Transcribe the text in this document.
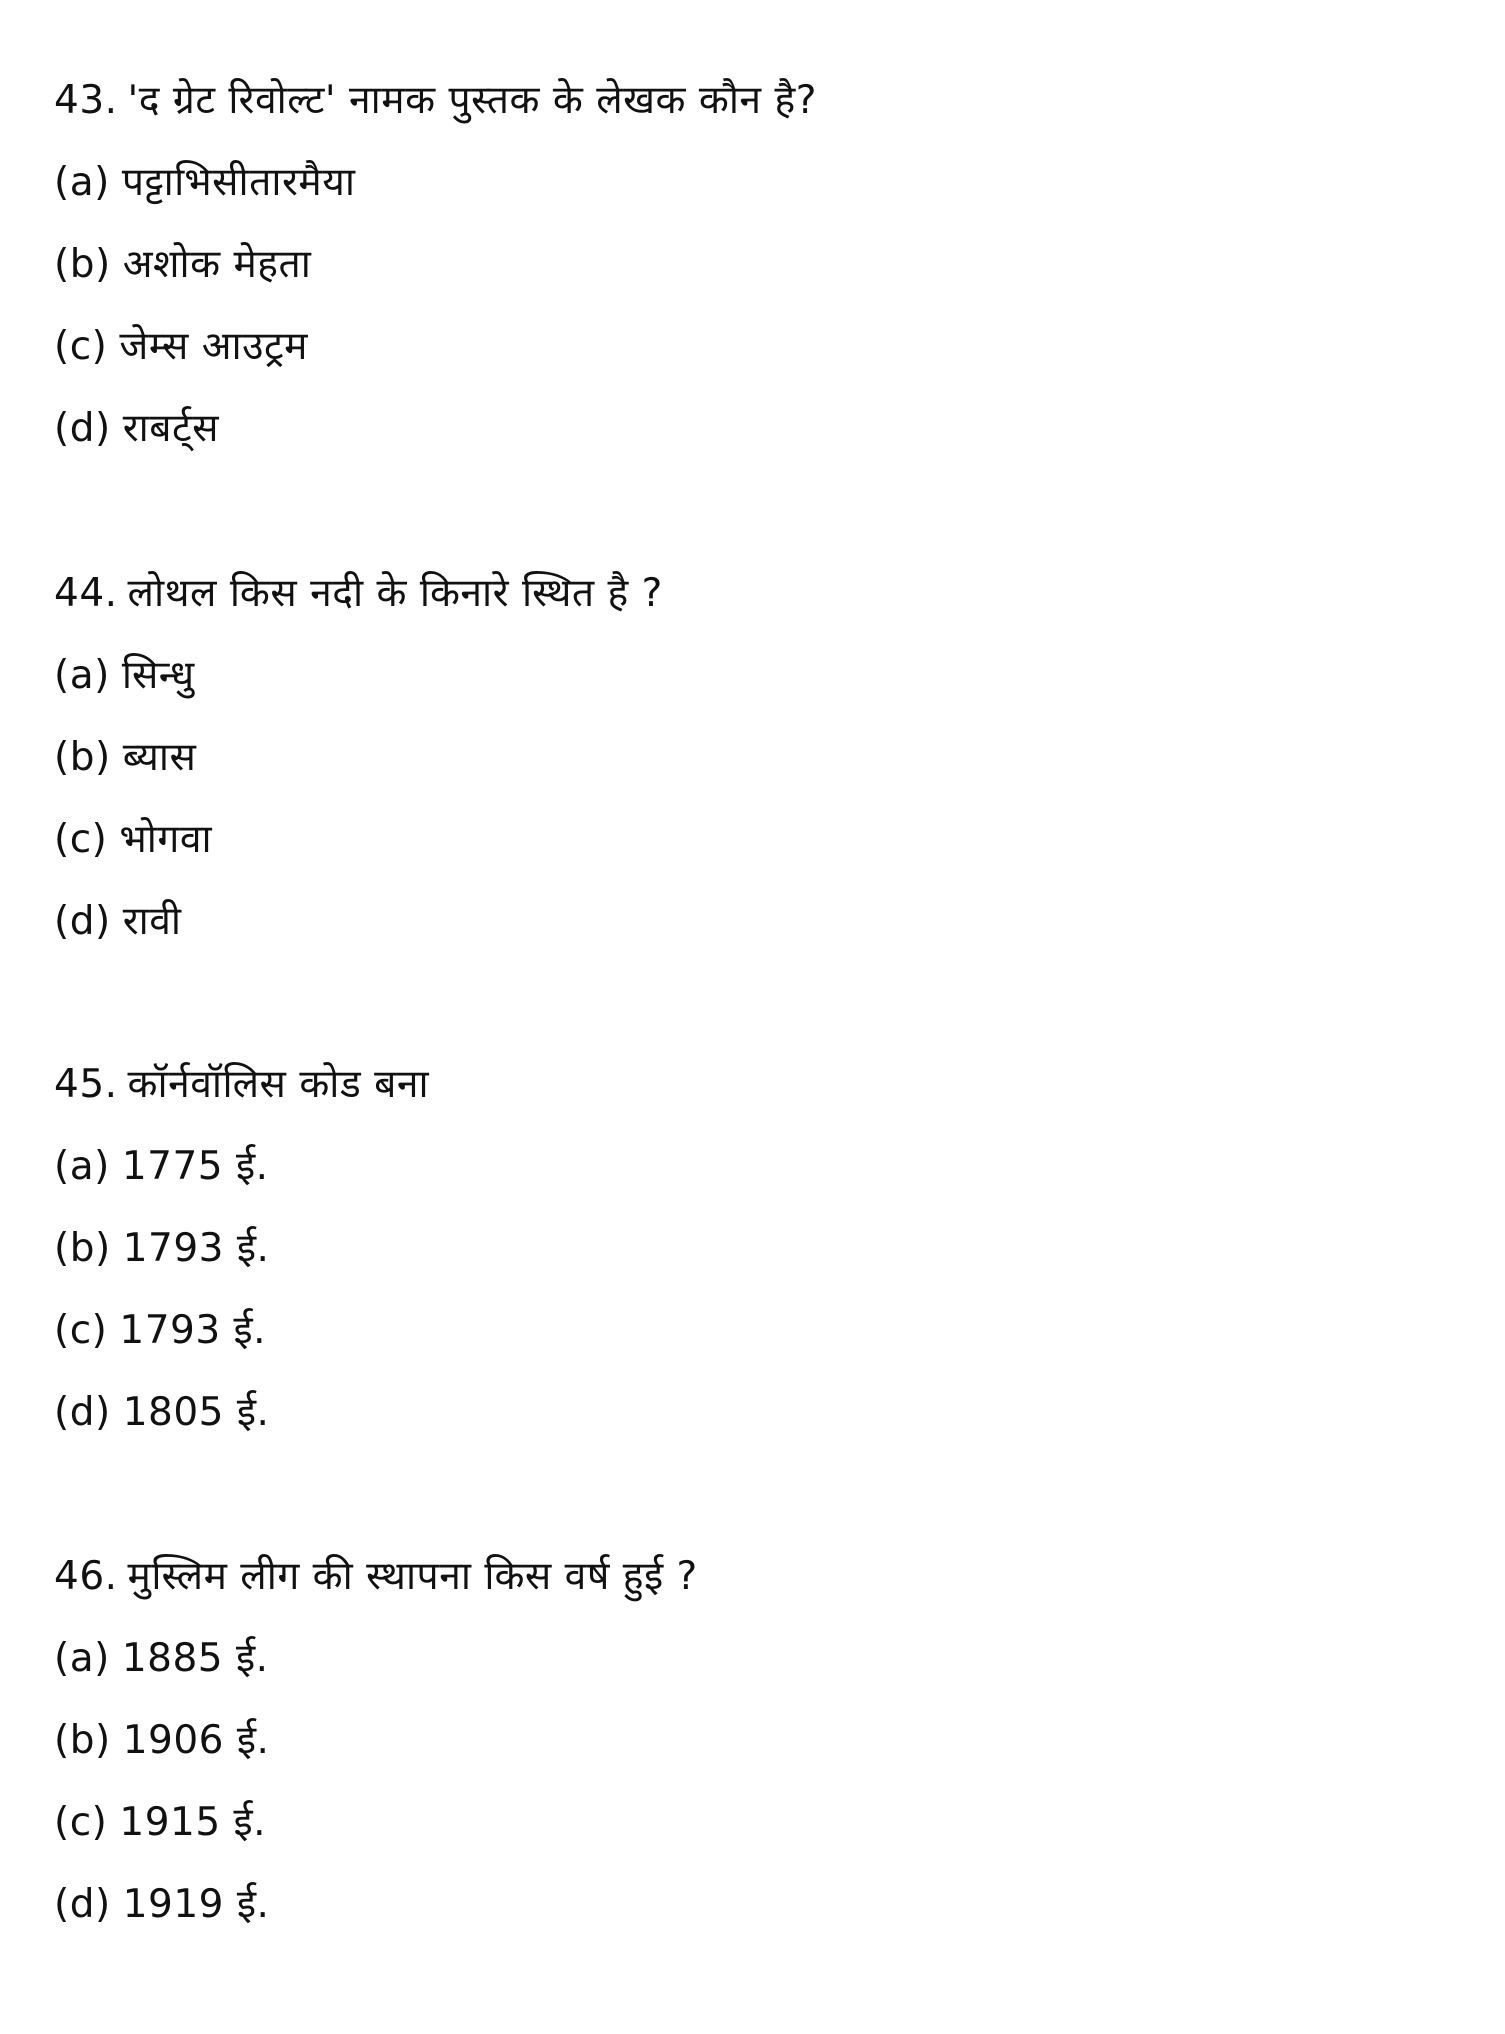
43. 'द ग्रेट रिवोल्ट' नामक पुस्तक के लेखक कौन है?
(a) पट्टाभिसीतारमैया
(b) अशोक मेहता
(c) जेम्स आउट्रम
(d) राबर्ट्स
44. लोथल किस नदी के किनारे स्थित है ?
(a) सिन्धु
(b) ब्यास
(c) भोगवा
(d) रावी
45. कॉर्नवॉलिस कोड बना
(a) 1775 ई.
(b) 1793 ई.
(c) 1793 ई.
(d) 1805 ई.
46. मुस्लिम लीग की स्थापना किस वर्ष हुई ?
(a) 1885 ई.
(b) 1906 ई.
(c) 1915 ई.
(d) 1919 ई.
